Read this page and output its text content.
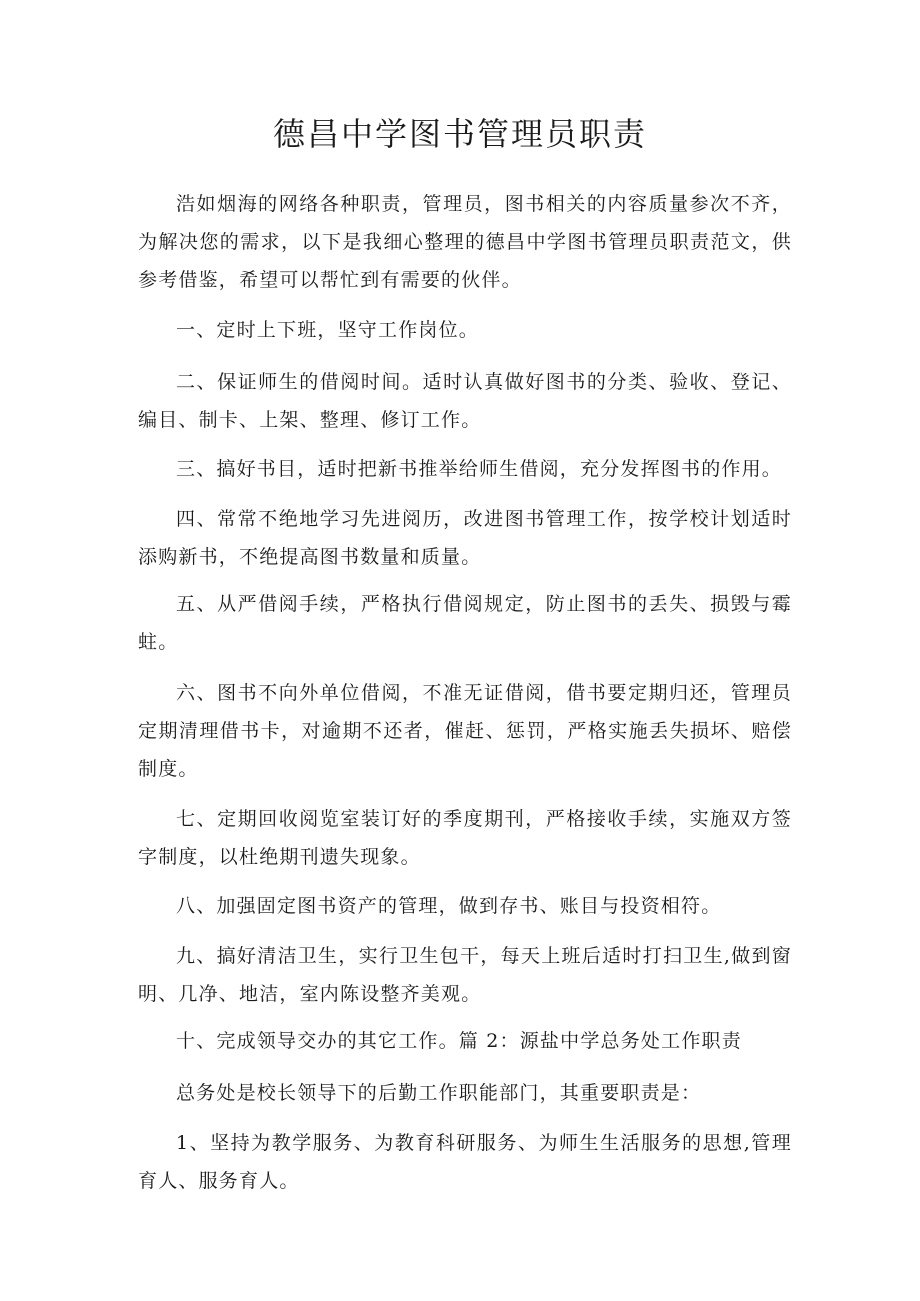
德昌中学图书管理员职责

浩如烟海的网络各种职责，管理员，图书相关的内容质量参次不齐，为解决您的需求，以下是我细心整理的德昌中学图书管理员职责范文，供参考借鉴，希望可以帮忙到有需要的伙伴。

一、定时上下班，坚守工作岗位。

二、保证师生的借阅时间。适时认真做好图书的分类、验收、登记、编目、制卡、上架、整理、修订工作。

三、搞好书目，适时把新书推举给师生借阅，充分发挥图书的作用。

四、常常不绝地学习先进阅历，改进图书管理工作，按学校计划适时添购新书，不绝提高图书数量和质量。

五、从严借阅手续，严格执行借阅规定，防止图书的丢失、损毁与霉蛀。

六、图书不向外单位借阅，不准无证借阅，借书要定期归还，管理员定期清理借书卡，对逾期不还者，催赶、惩罚，严格实施丢失损坏、赔偿制度。

七、定期回收阅览室装订好的季度期刊，严格接收手续，实施双方签字制度，以杜绝期刊遗失现象。

八、加强固定图书资产的管理，做到存书、账目与投资相符。

九、搞好清洁卫生，实行卫生包干，每天上班后适时打扫卫生,做到窗明、几净、地洁，室内陈设整齐美观。

十、完成领导交办的其它工作。篇 2：源盐中学总务处工作职责

总务处是校长领导下的后勤工作职能部门，其重要职责是：

1、坚持为教学服务、为教育科研服务、为师生生活服务的思想,管理育人、服务育人。
